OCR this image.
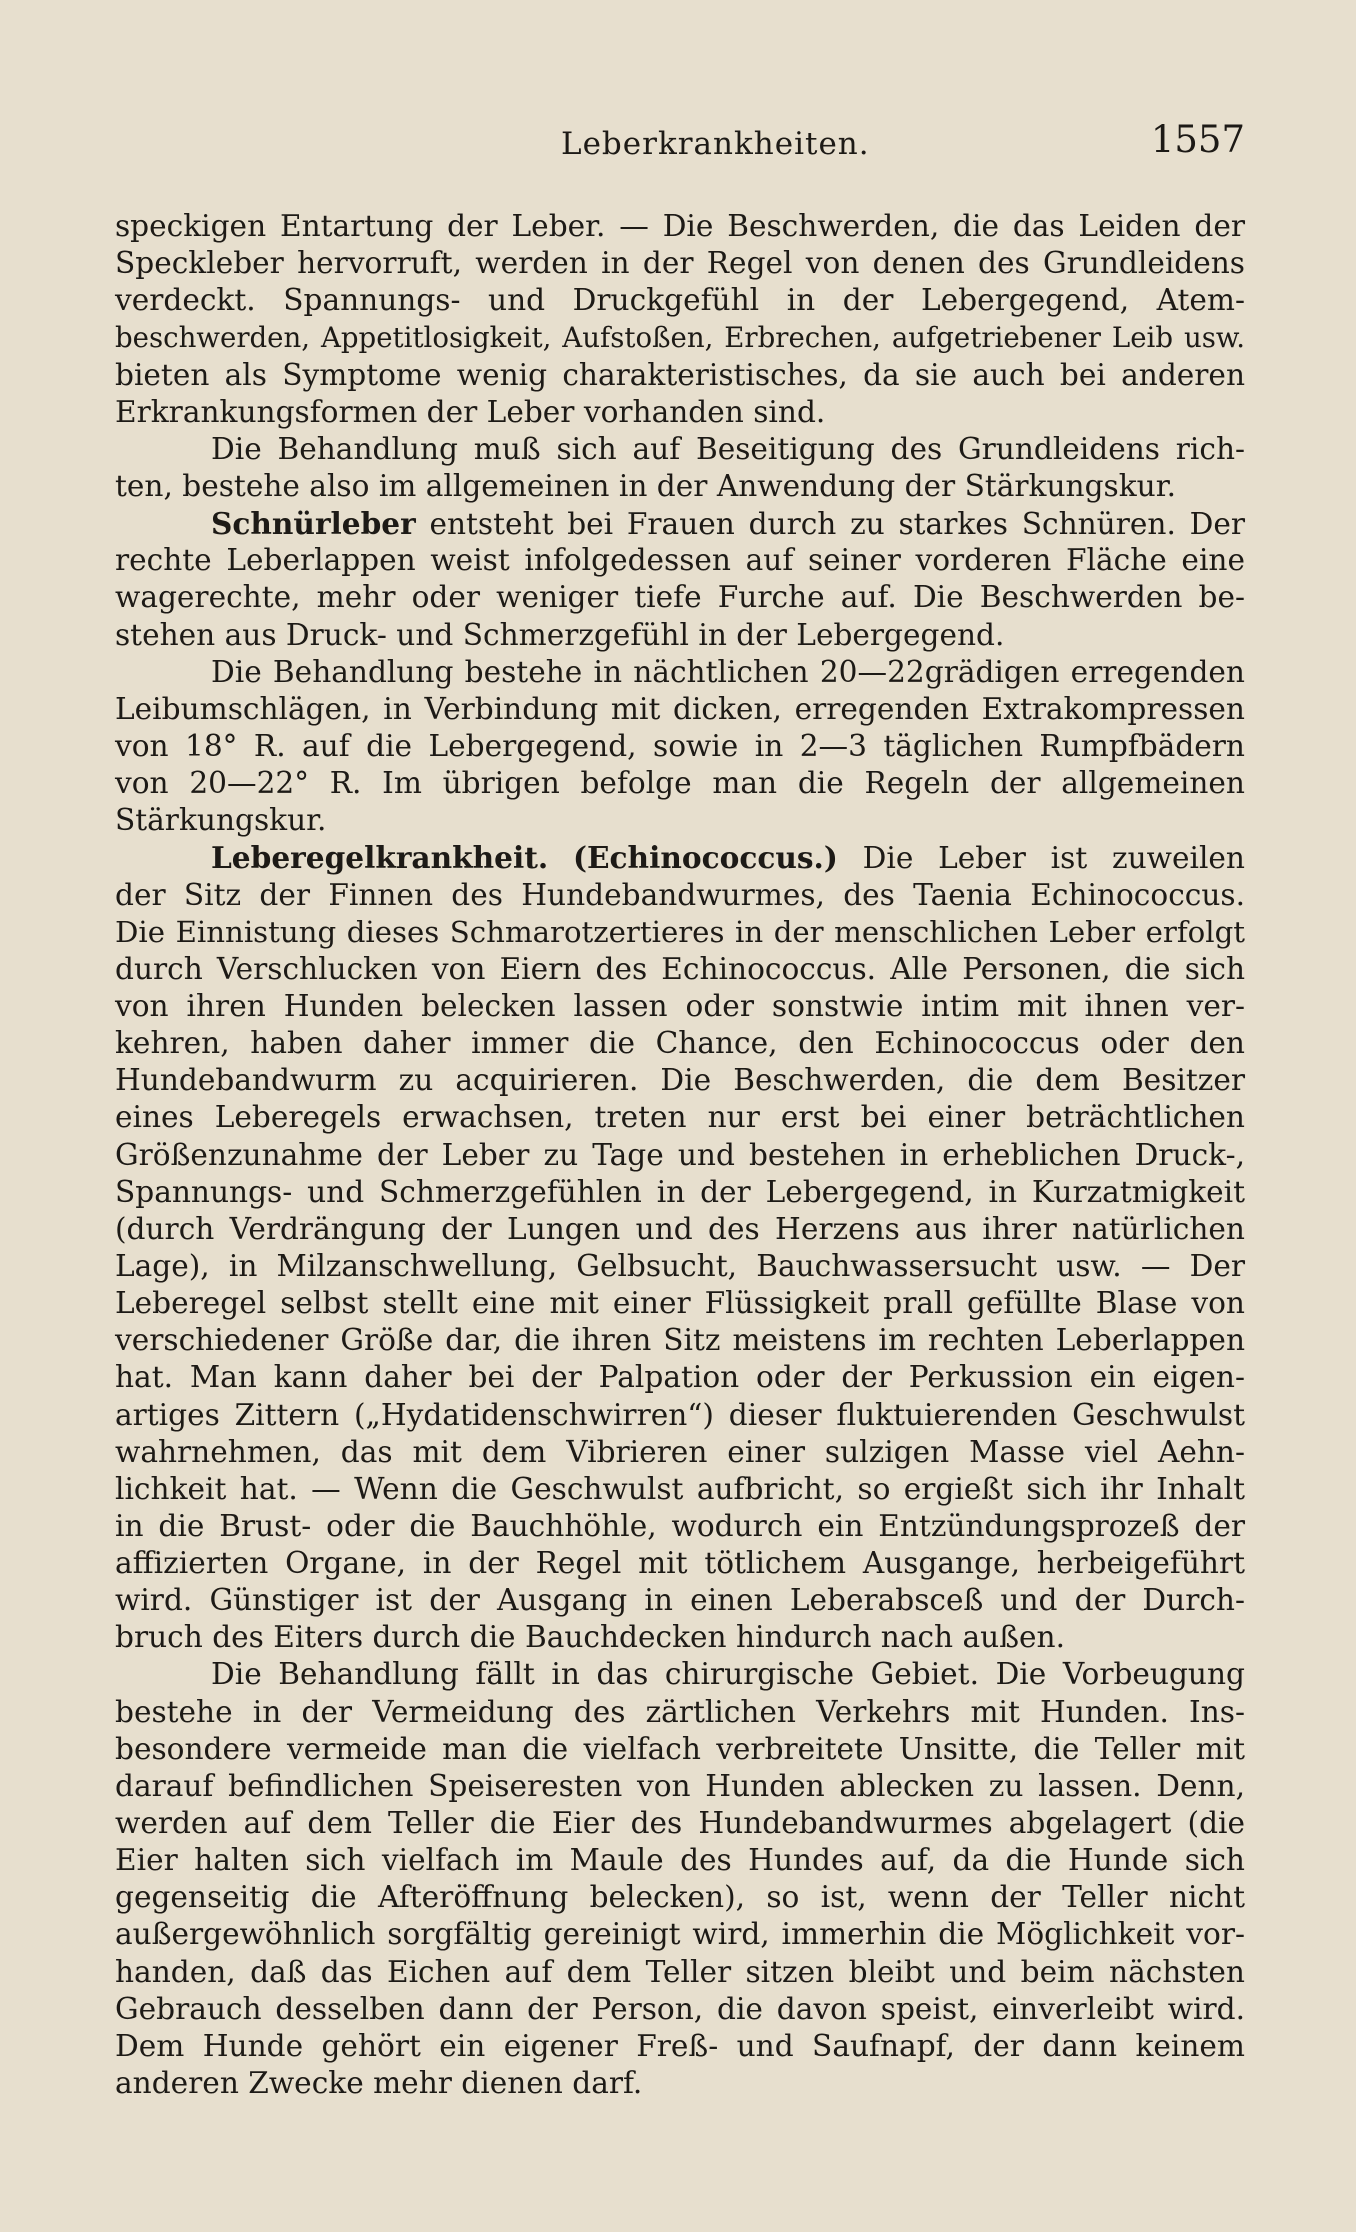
Leberkrankheiten.	1557
speckigen Entartung der Leber. — Die Beschwerden, die das Leiden der
Speckleber hervorruft, werden in der Regel von denen des Grundleidens
verdeckt. Spannungs- und Druckgefühl in der Lebergegend, Atem-
beschwerden, Appetitlosigkeit, Aufstoßen, Erbrechen, aufgetriebener Leib usw.
bieten als Symptome wenig charakteristisches, da sie auch bei anderen
Erkrankungsformen der Leber vorhanden sind.
Die Behandlung muß sich auf Beseitigung des Grundleidens rich-
ten, bestehe also im allgemeinen in der Anwendung der Stärkungskur.
Schnürleber entsteht bei Frauen durch zu starkes Schnüren. Der
rechte Leberlappen weist infolgedessen auf seiner vorderen Fläche eine
wagerechte, mehr oder weniger tiefe Furche auf. Die Beschwerden be-
stehen aus Druck- und Schmerzgefühl in der Lebergegend.
Die Behandlung bestehe in nächtlichen 20—22grädigen erregenden
Leibumschlägen, in Verbindung mit dicken, erregenden Extrakompressen
von 18° R. auf die Lebergegend, sowie in 2—3 täglichen Rumpfbädern
von 20—22° R. Im übrigen befolge man die Regeln der allgemeinen
Stärkungskur.
Leberegelkrankheit. (Echinococcus.) Die Leber ist zuweilen
der Sitz der Finnen des Hundebandwurmes, des Taenia Echinococcus.
Die Einnistung dieses Schmarotzertieres in der menschlichen Leber erfolgt
durch Verschlucken von Eiern des Echinococcus. Alle Personen, die sich
von ihren Hunden belecken lassen oder sonstwie intim mit ihnen ver-
kehren, haben daher immer die Chance, den Echinococcus oder den
Hundebandwurm zu acquirieren. Die Beschwerden, die dem Besitzer
eines Leberegels erwachsen, treten nur erst bei einer beträchtlichen
Größenzunahme der Leber zu Tage und bestehen in erheblichen Druck-,
Spannungs- und Schmerzgefühlen in der Lebergegend, in Kurzatmigkeit
(durch Verdrängung der Lungen und des Herzens aus ihrer natürlichen
Lage), in Milzanschwellung, Gelbsucht, Bauchwassersucht usw. — Der
Leberegel selbst stellt eine mit einer Flüssigkeit prall gefüllte Blase von
verschiedener Größe dar, die ihren Sitz meistens im rechten Leberlappen
hat. Man kann daher bei der Palpation oder der Perkussion ein eigen-
artiges Zittern („Hydatidenschwirren“) dieser fluktuierenden Geschwulst
wahrnehmen, das mit dem Vibrieren einer sulzigen Masse viel Aehn-
lichkeit hat. — Wenn die Geschwulst aufbricht, so ergießt sich ihr Inhalt
in die Brust- oder die Bauchhöhle, wodurch ein Entzündungsprozeß der
affizierten Organe, in der Regel mit tötlichem Ausgange, herbeigeführt
wird. Günstiger ist der Ausgang in einen Leberabsceß und der Durch-
bruch des Eiters durch die Bauchdecken hindurch nach außen.
Die Behandlung fällt in das chirurgische Gebiet. Die Vorbeugung
bestehe in der Vermeidung des zärtlichen Verkehrs mit Hunden. Ins-
besondere vermeide man die vielfach verbreitete Unsitte, die Teller mit
darauf befindlichen Speiseresten von Hunden ablecken zu lassen. Denn,
werden auf dem Teller die Eier des Hundebandwurmes abgelagert (die
Eier halten sich vielfach im Maule des Hundes auf, da die Hunde sich
gegenseitig die Afteröffnung belecken), so ist, wenn der Teller nicht
außergewöhnlich sorgfältig gereinigt wird, immerhin die Möglichkeit vor-
handen, daß das Eichen auf dem Teller sitzen bleibt und beim nächsten
Gebrauch desselben dann der Person, die davon speist, einverleibt wird.
Dem Hunde gehört ein eigener Freß- und Saufnapf, der dann keinem
anderen Zwecke mehr dienen darf.
